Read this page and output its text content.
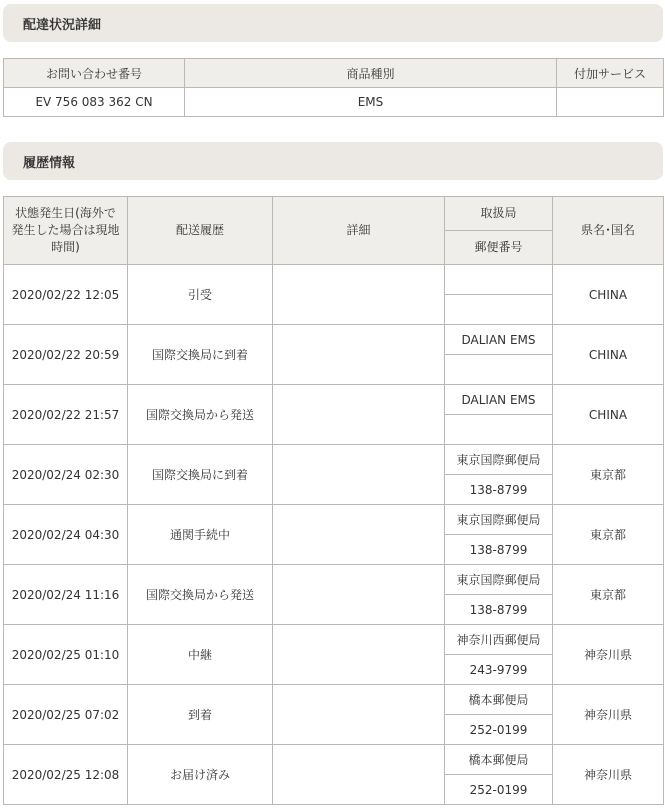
配達状況詳細
お問い合わせ番号	商品種別	付加サービス
EV 756 083 362 CN	EMS	
履歴情報
状態発生日(海外で発生した場合は現地時間)	配送履歴	詳細	取扱局	県名･国名
			郵便番号	
2020/02/22 12:05	引受			CHINA

2020/02/22 20:59	国際交換局に到着		DALIAN EMS	CHINA

2020/02/22 21:57	国際交換局から発送		DALIAN EMS	CHINA

2020/02/24 02:30	国際交換局に到着		東京国際郵便局	東京都
			138-8799	
2020/02/24 04:30	通関手続中		東京国際郵便局	東京都
			138-8799	
2020/02/24 11:16	国際交換局から発送		東京国際郵便局	東京都
			138-8799	
2020/02/25 01:10	中継		神奈川西郵便局	神奈川県
			243-9799	
2020/02/25 07:02	到着		橋本郵便局	神奈川県
			252-0199	
2020/02/25 12:08	お届け済み		橋本郵便局	神奈川県
			252-0199	
